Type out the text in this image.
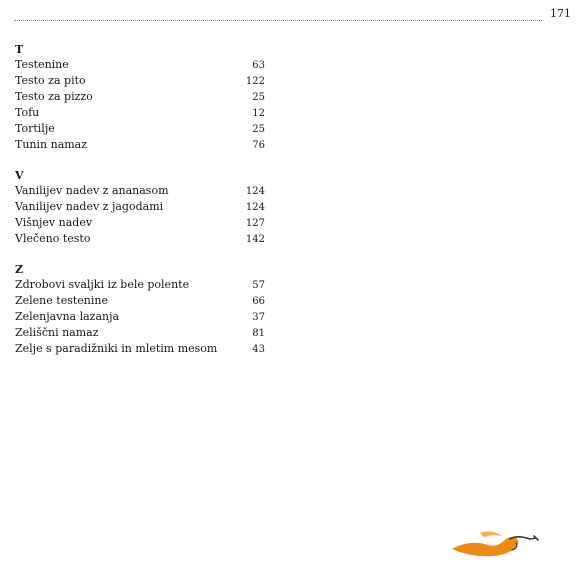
171
T
Testenine	63
Testo za pito	122
Testo za pizzo	25
Tofu	12
Tortilje	25
Tunin namaz	76
V
Vanilijev nadev z ananasom	124
Vanilijev nadev z jagodami	124
Višnjev nadev	127
Vlečeno testo	142
Z
Zdrobovi svaljki iz bele polente	57
Zelene testenine	66
Zelenjavna lazanja	37
Zeliščni namaz	81
Zelje s paradižniki in mletim mesom	43
